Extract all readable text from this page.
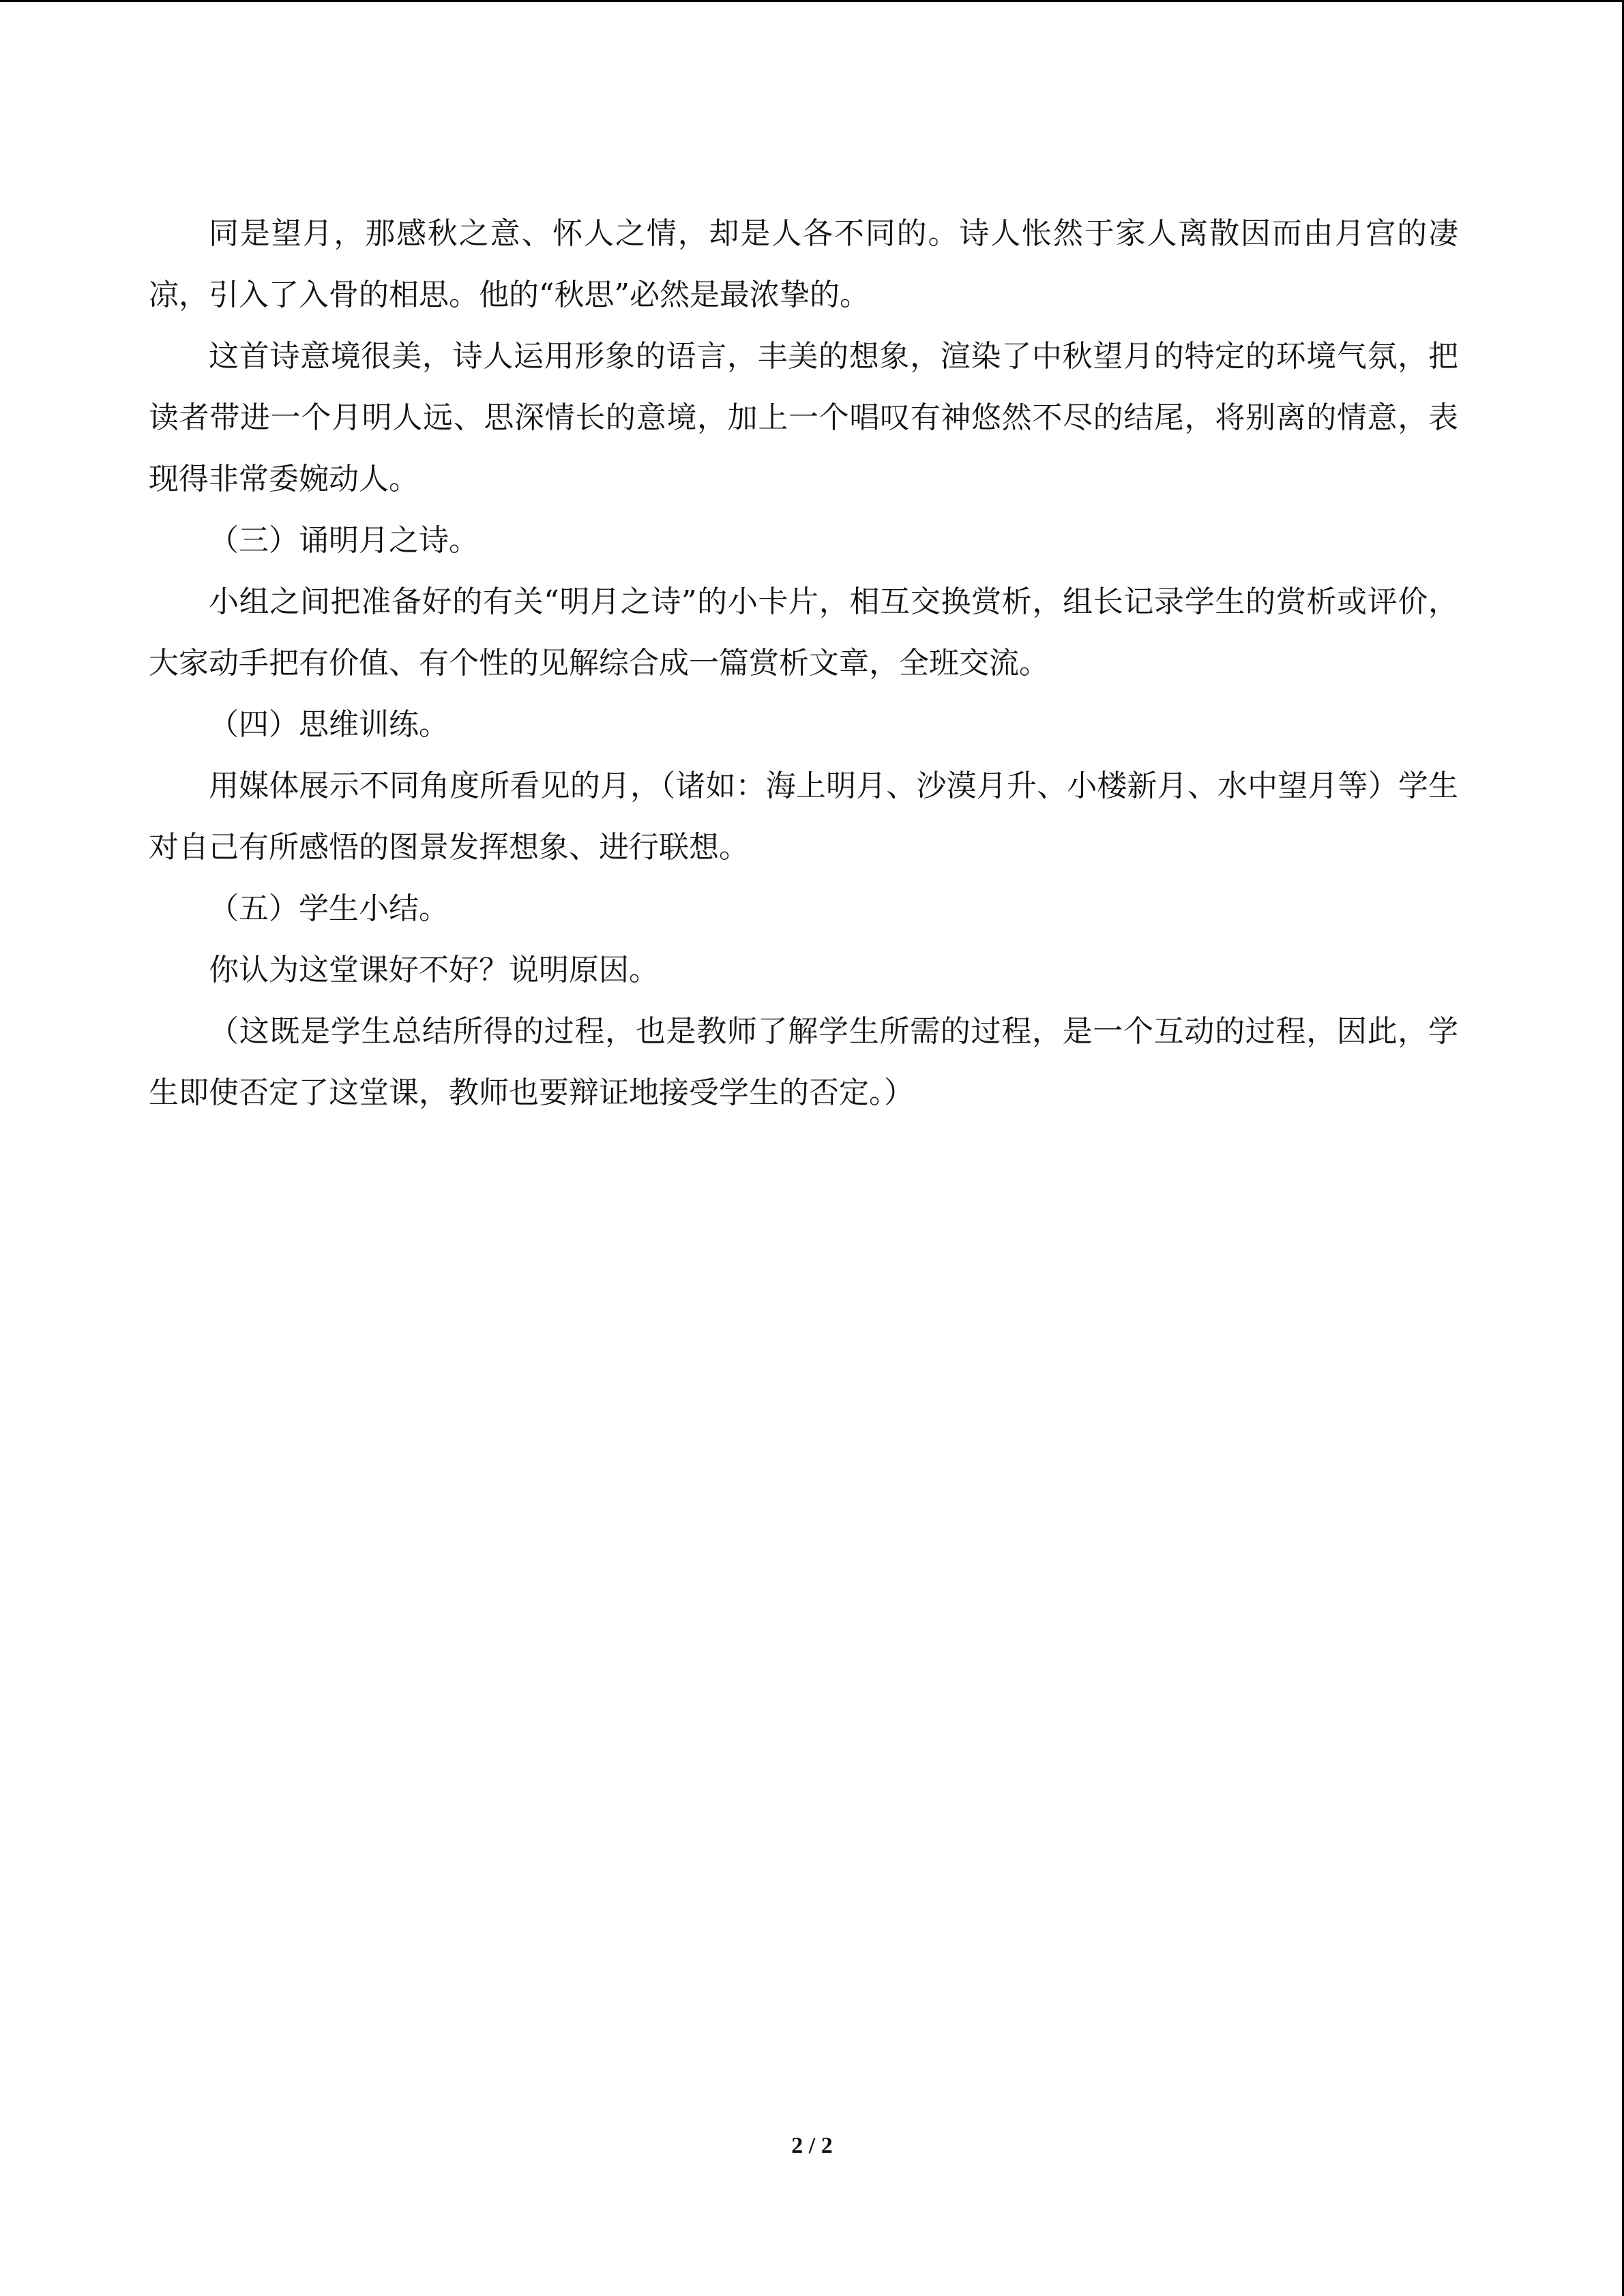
同是望月，那感秋之意、怀人之情，却是人各不同的。诗人怅然于家人离散因而由月宫的凄凉，引入了入骨的相思。他的“秋思”必然是最浓挚的。

这首诗意境很美，诗人运用形象的语言，丰美的想象，渲染了中秋望月的特定的环境气氛，把读者带进一个月明人远、思深情长的意境，加上一个唱叹有神悠然不尽的结尾，将别离的情意，表现得非常委婉动人。

（三）诵明月之诗。

小组之间把准备好的有关“明月之诗”的小卡片，相互交换赏析，组长记录学生的赏析或评价，大家动手把有价值、有个性的见解综合成一篇赏析文章，全班交流。

（四）思维训练。

用媒体展示不同角度所看见的月，（诸如：海上明月、沙漠月升、小楼新月、水中望月等）学生对自己有所感悟的图景发挥想象、进行联想。

（五）学生小结。

你认为这堂课好不好？说明原因。

（这既是学生总结所得的过程，也是教师了解学生所需的过程，是一个互动的过程，因此，学生即使否定了这堂课，教师也要辩证地接受学生的否定。）

2 / 2
